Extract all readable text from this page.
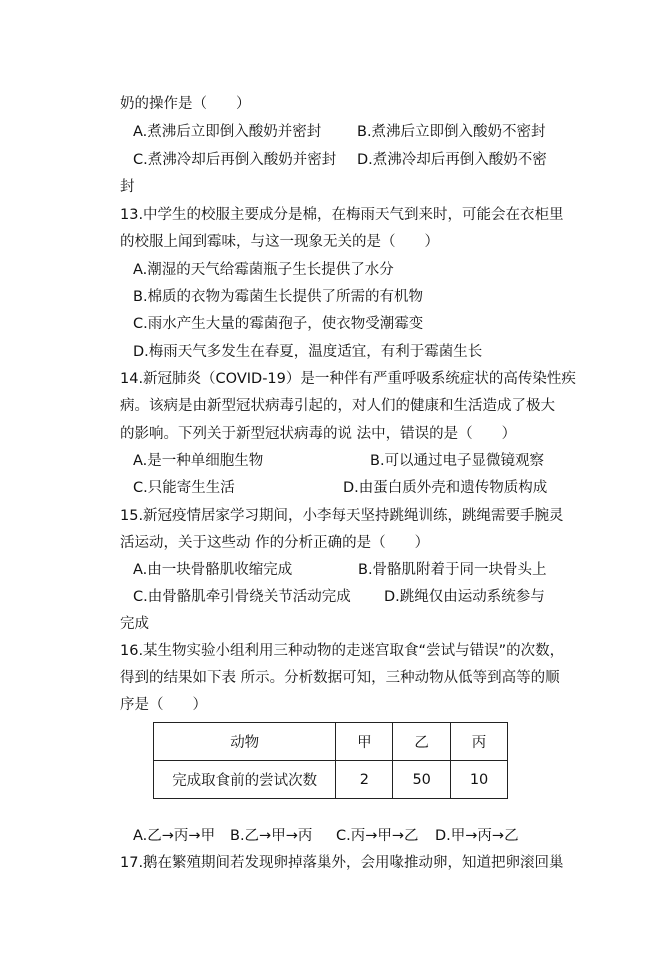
奶的操作是（　　）
A.煮沸后立即倒入酸奶并密封 B.煮沸后立即倒入酸奶不密封
C.煮沸冷却后再倒入酸奶并密封 D.煮沸冷却后再倒入酸奶不密
封
13.中学生的校服主要成分是棉，在梅雨天气到来时，可能会在衣柜里
的校服上闻到霉味，与这一现象无关的是（　　）
A.潮湿的天气给霉菌瓶子生长提供了水分
B.棉质的衣物为霉菌生长提供了所需的有机物
C.雨水产生大量的霉菌孢子，使衣物受潮霉变
D.梅雨天气多发生在春夏，温度适宜，有利于霉菌生长
14.新冠肺炎（COVID-19）是一种伴有严重呼吸系统症状的高传染性疾
病。该病是由新型冠状病毒引起的，对人们的健康和生活造成了极大
的影响。下列关于新型冠状病毒的说 法中，错误的是（　　）
A.是一种单细胞生物	B.可以通过电子显微镜观察
C.只能寄生生活	D.由蛋白质外壳和遗传物质构成
15.新冠疫情居家学习期间，小李每天坚持跳绳训练，跳绳需要手腕灵
活运动，关于这些动 作的分析正确的是（　　）
A.由一块骨骼肌收缩完成	B.骨骼肌附着于同一块骨头上
C.由骨骼肌牵引骨绕关节活动完成 D.跳绳仅由运动系统参与
完成
16.某生物实验小组利用三种动物的走迷宫取食“尝试与错误”的次数，
得到的结果如下表 所示。分析数据可知，三种动物从低等到高等的顺
序是（　　）
动物	甲	乙	丙
完成取食前的尝试次数	2	50	10
A.乙→丙→甲 B.乙→甲→丙 C.丙→甲→乙 D.甲→丙→乙
17.鹅在繁殖期间若发现卵掉落巢外，会用喙推动卵，知道把卵滚回巢
